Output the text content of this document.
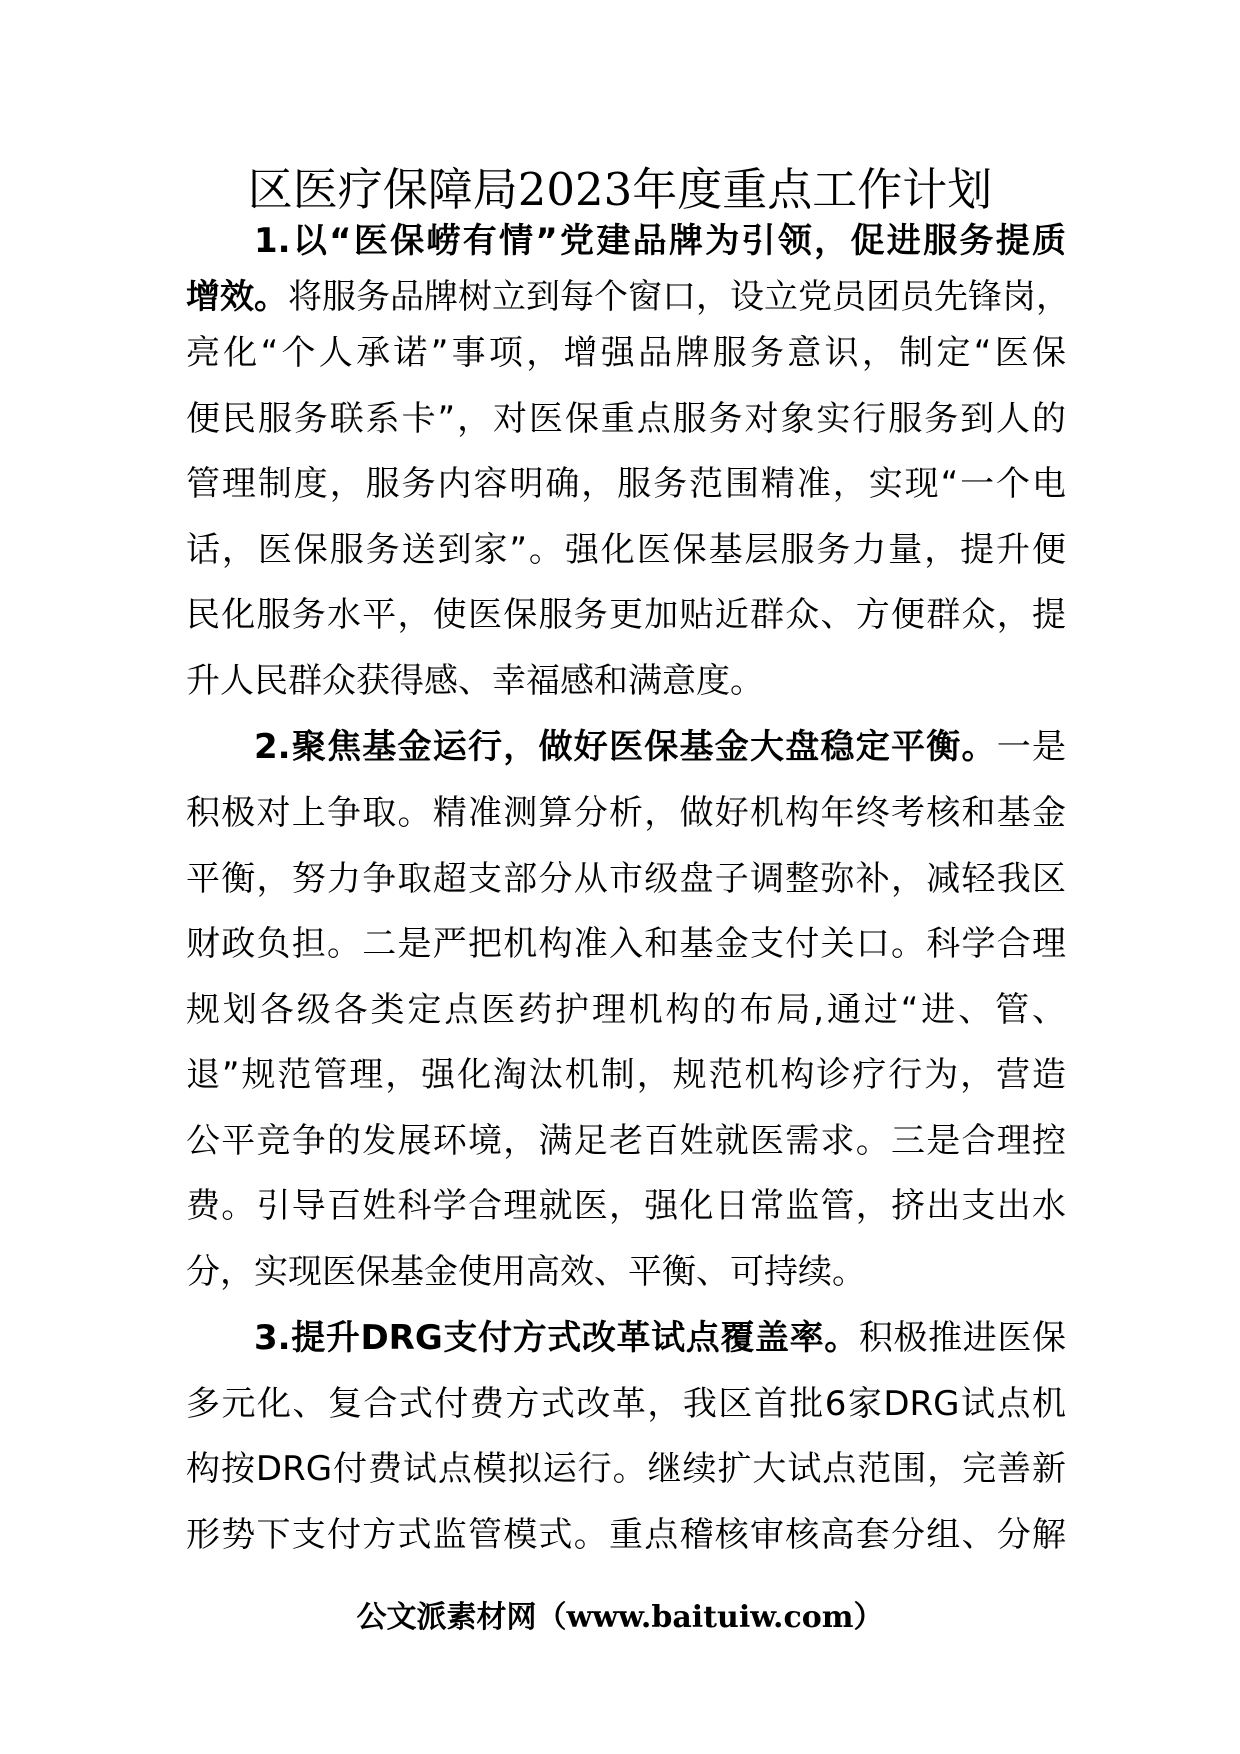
区医疗保障局2023年度重点工作计划
1.以“医保崂有情”党建品牌为引领，促进服务提质
增效。将服务品牌树立到每个窗口，设立党员团员先锋岗，
亮化“个人承诺”事项，增强品牌服务意识，制定“医保
便民服务联系卡”，对医保重点服务对象实行服务到人的
管理制度，服务内容明确，服务范围精准，实现“一个电
话，医保服务送到家”。强化医保基层服务力量，提升便
民化服务水平，使医保服务更加贴近群众、方便群众，提
升人民群众获得感、幸福感和满意度。
2.聚焦基金运行，做好医保基金大盘稳定平衡。一是
积极对上争取。精准测算分析，做好机构年终考核和基金
平衡，努力争取超支部分从市级盘子调整弥补，减轻我区
财政负担。二是严把机构准入和基金支付关口。科学合理
规划各级各类定点医药护理机构的布局,通过“进、管、
退”规范管理，强化淘汰机制，规范机构诊疗行为，营造
公平竞争的发展环境，满足老百姓就医需求。三是合理控
费。引导百姓科学合理就医，强化日常监管，挤出支出水
分，实现医保基金使用高效、平衡、可持续。
3.提升DRG支付方式改革试点覆盖率。积极推进医保
多元化、复合式付费方式改革，我区首批6家DRG试点机
构按DRG付费试点模拟运行。继续扩大试点范围，完善新
形势下支付方式监管模式。重点稽核审核高套分组、分解
公文派素材网（www.baituiw.com）
